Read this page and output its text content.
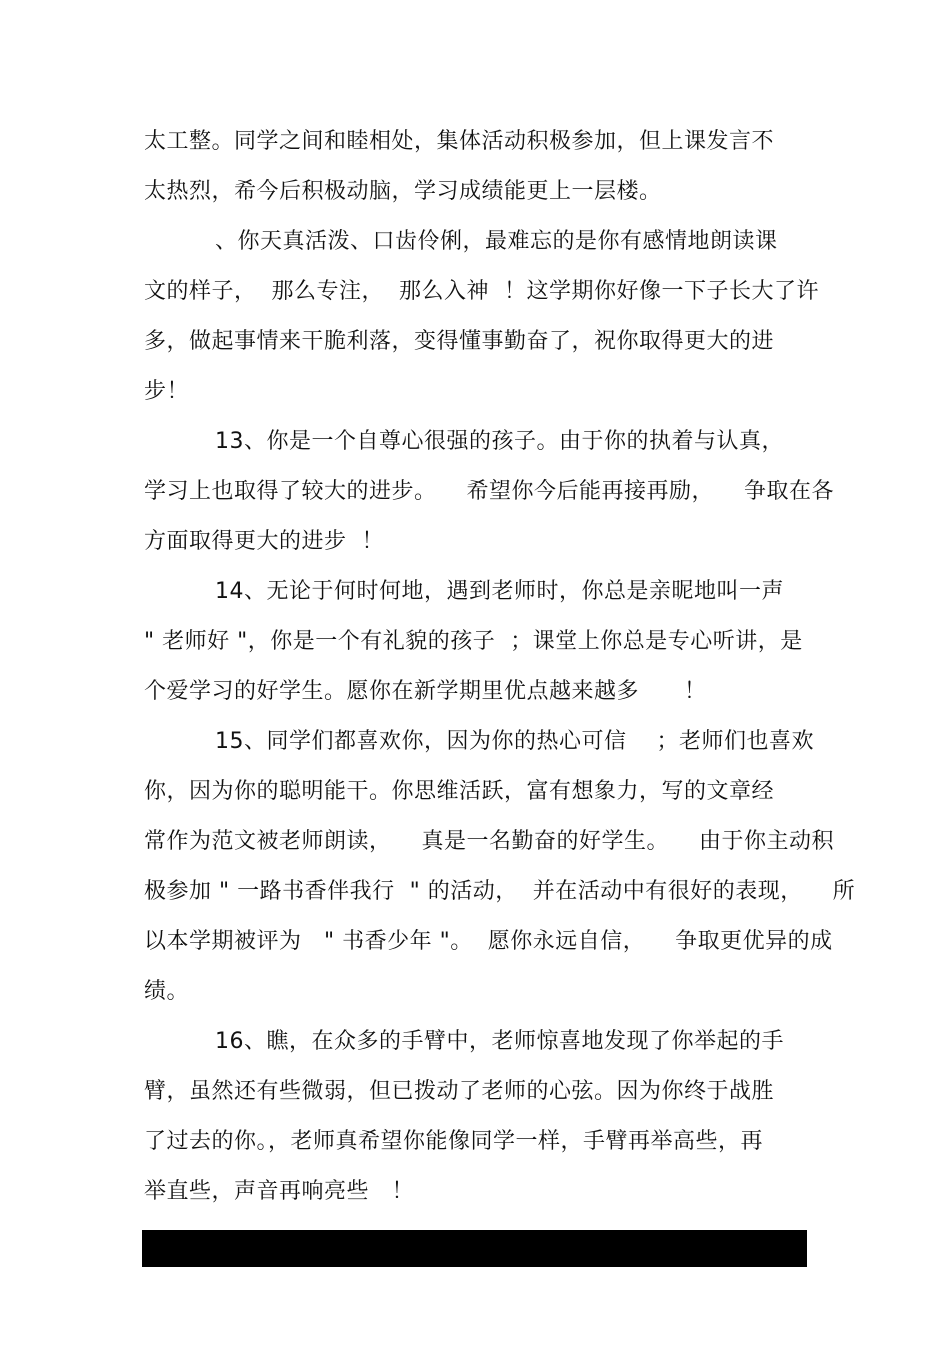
太工整。同学之间和睦相处，集体活动积极参加，但上课发言不
太热烈，希今后积极动脑，学习成绩能更上一层楼。
、你天真活泼、口齿伶俐，最难忘的是你有感情地朗读课
文的样子，  那么专注，  那么入神  ！这学期你好像一下子长大了许
多，做起事情来干脆利落，变得懂事勤奋了，祝你取得更大的进
步！
13、你是一个自尊心很强的孩子。由于你的执着与认真，
学习上也取得了较大的进步。    希望你今后能再接再励，    争取在各
方面取得更大的进步  ！
14、无论于何时何地，遇到老师时，你总是亲昵地叫一声
" 老师好 "，你是一个有礼貌的孩子  ；课堂上你总是专心听讲，是
个爱学习的好学生。愿你在新学期里优点越来越多      ！
15、同学们都喜欢你，因为你的热心可信    ；老师们也喜欢
你，因为你的聪明能干。你思维活跃，富有想象力，写的文章经
常作为范文被老师朗读，    真是一名勤奋的好学生。    由于你主动积
极参加 " 一路书香伴我行  " 的活动，  并在活动中有很好的表现，    所
以本学期被评为   " 书香少年 "。  愿你永远自信，    争取更优异的成
绩。
16、瞧，在众多的手臂中，老师惊喜地发现了你举起的手
臂，虽然还有些微弱，但已拨动了老师的心弦。因为你终于战胜
了过去的你。，老师真希望你能像同学一样，手臂再举高些，再
举直些，声音再响亮些   ！
